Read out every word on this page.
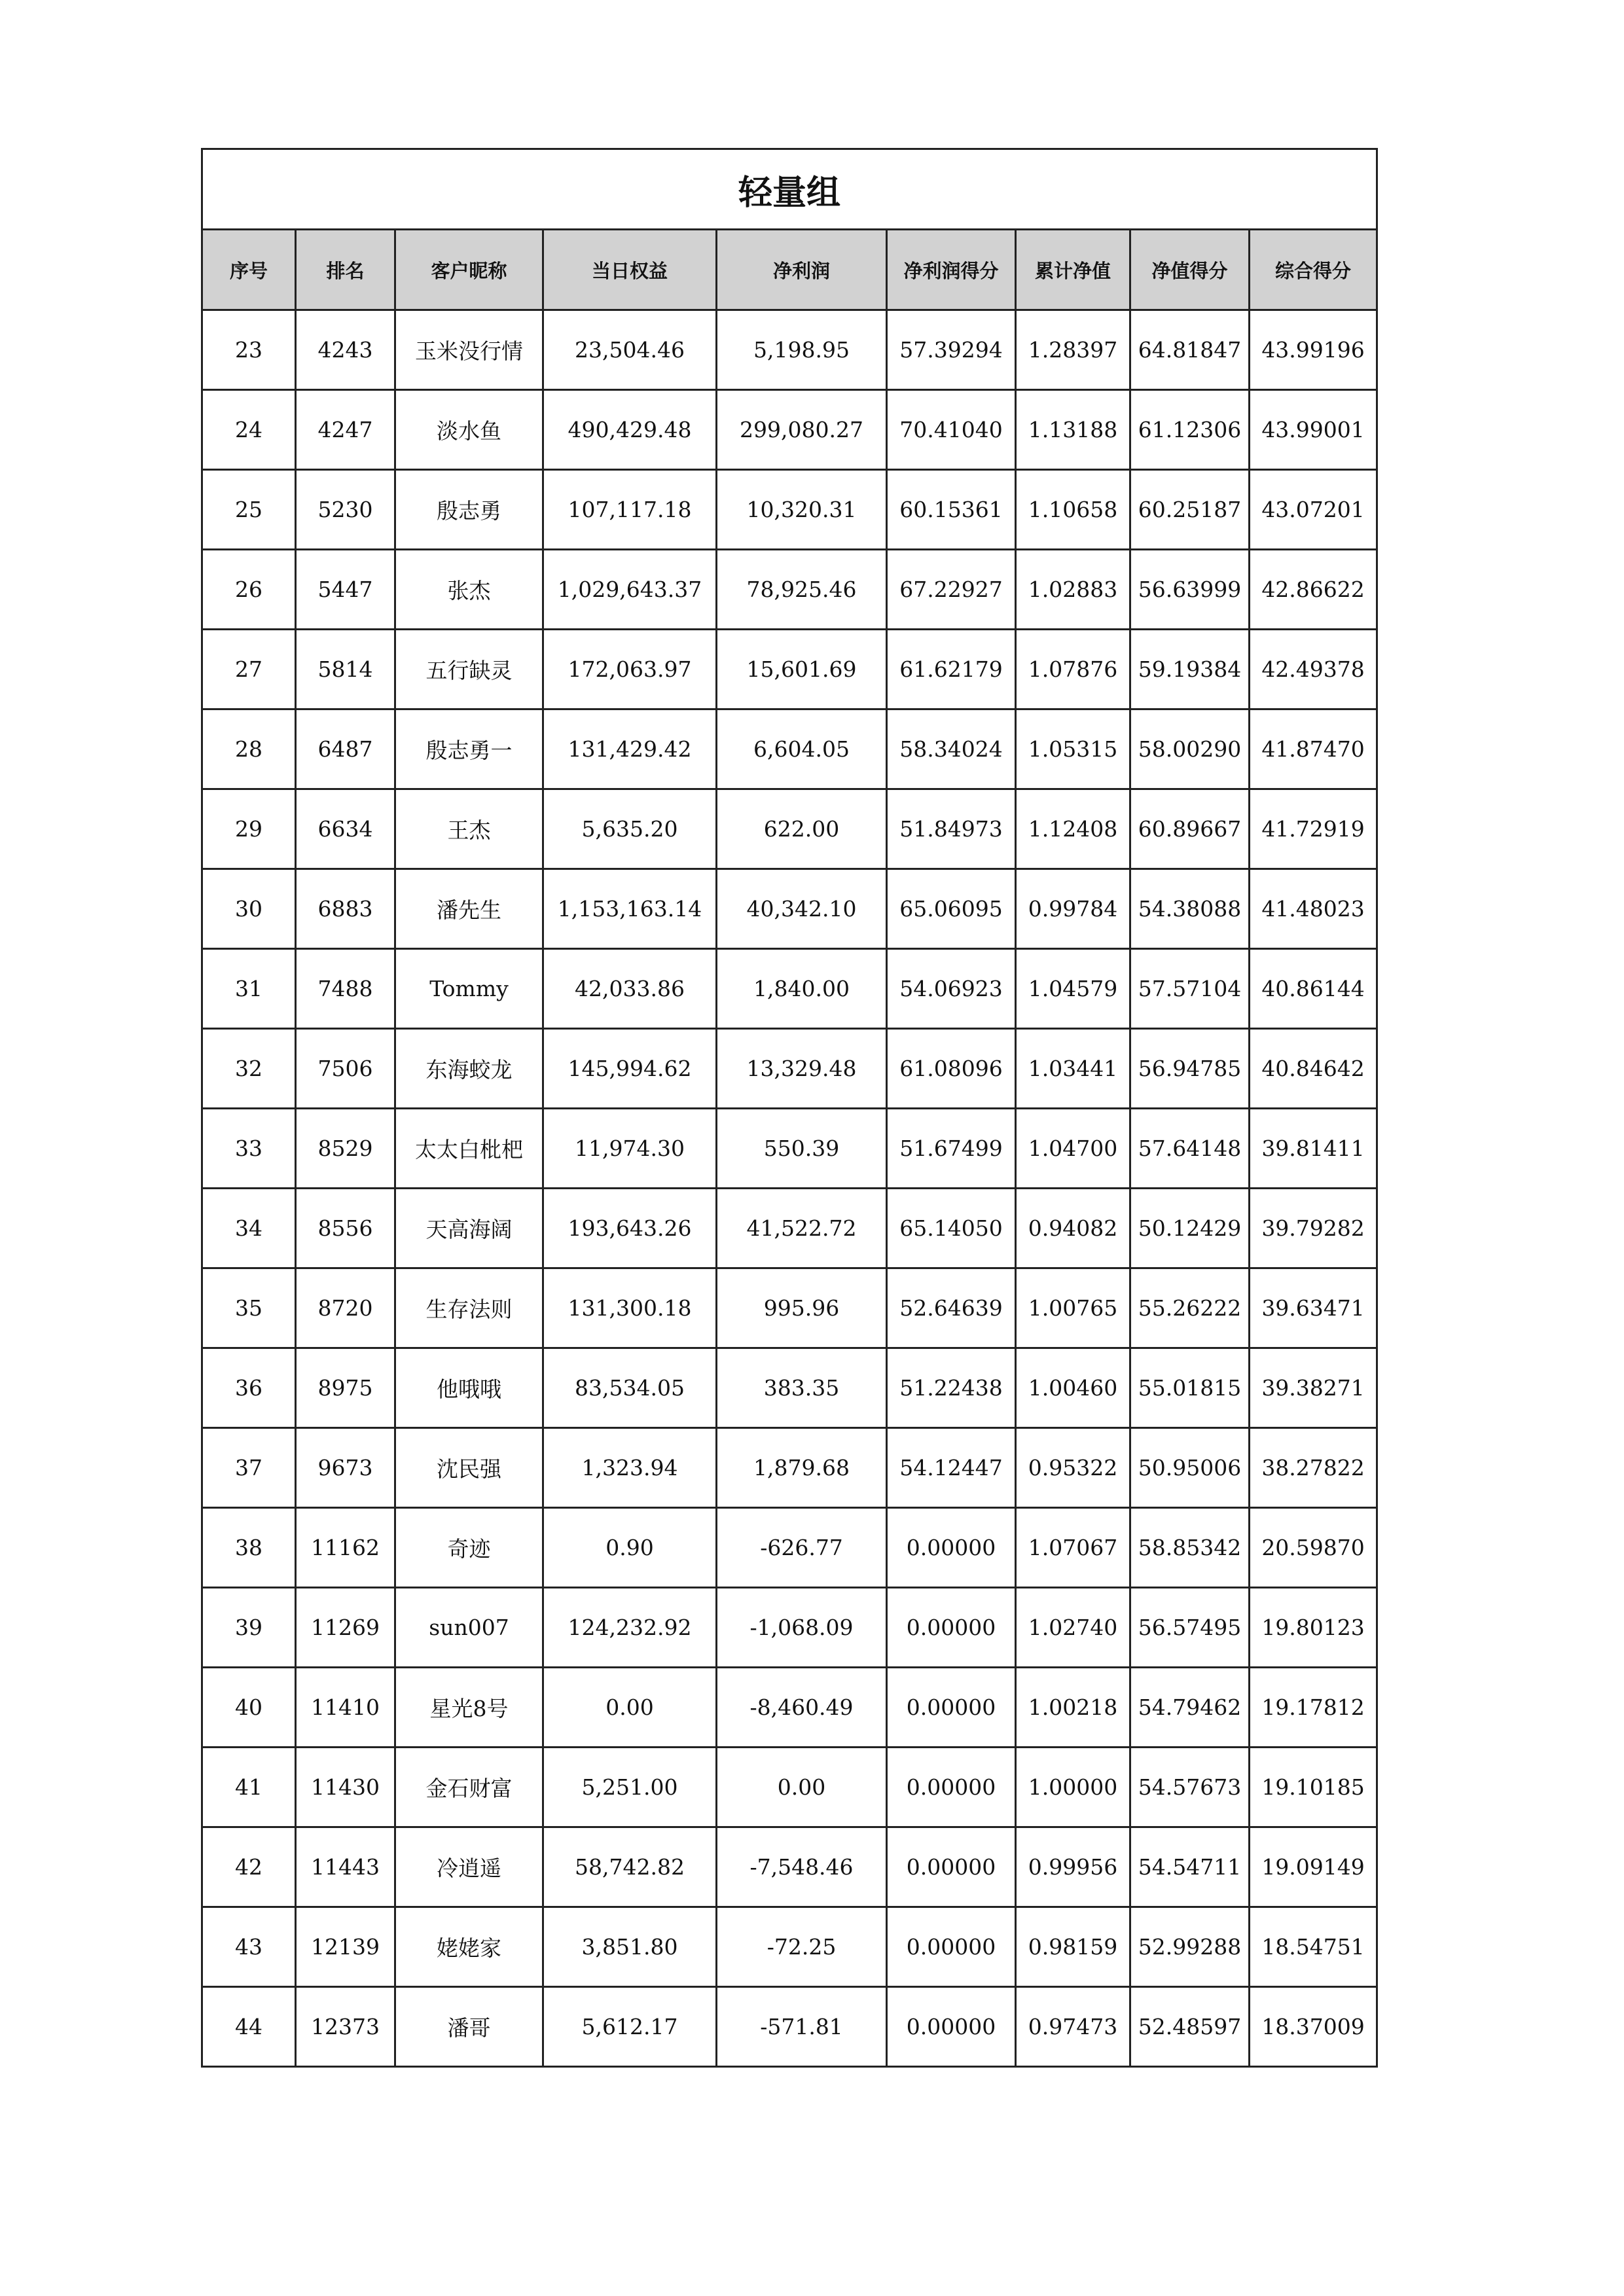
轻量组								
序号	排名	客户昵称	当日权益	净利润	净利润得分	累计净值	净值得分	综合得分
23	4243	玉米没行情	23,504.46	5,198.95	57.39294	1.28397	64.81847	43.99196
24	4247	淡水鱼	490,429.48	299,080.27	70.41040	1.13188	61.12306	43.99001
25	5230	殷志勇	107,117.18	10,320.31	60.15361	1.10658	60.25187	43.07201
26	5447	张杰	1,029,643.37	78,925.46	67.22927	1.02883	56.63999	42.86622
27	5814	五行缺灵	172,063.97	15,601.69	61.62179	1.07876	59.19384	42.49378
28	6487	殷志勇一	131,429.42	6,604.05	58.34024	1.05315	58.00290	41.87470
29	6634	王杰	5,635.20	622.00	51.84973	1.12408	60.89667	41.72919
30	6883	潘先生	1,153,163.14	40,342.10	65.06095	0.99784	54.38088	41.48023
31	7488	Tommy	42,033.86	1,840.00	54.06923	1.04579	57.57104	40.86144
32	7506	东海蛟龙	145,994.62	13,329.48	61.08096	1.03441	56.94785	40.84642
33	8529	太太白枇杷	11,974.30	550.39	51.67499	1.04700	57.64148	39.81411
34	8556	天高海阔	193,643.26	41,522.72	65.14050	0.94082	50.12429	39.79282
35	8720	生存法则	131,300.18	995.96	52.64639	1.00765	55.26222	39.63471
36	8975	他哦哦	83,534.05	383.35	51.22438	1.00460	55.01815	39.38271
37	9673	沈民强	1,323.94	1,879.68	54.12447	0.95322	50.95006	38.27822
38	11162	奇迹	0.90	-626.77	0.00000	1.07067	58.85342	20.59870
39	11269	sun007	124,232.92	-1,068.09	0.00000	1.02740	56.57495	19.80123
40	11410	星光8号	0.00	-8,460.49	0.00000	1.00218	54.79462	19.17812
41	11430	金石财富	5,251.00	0.00	0.00000	1.00000	54.57673	19.10185
42	11443	冷逍遥	58,742.82	-7,548.46	0.00000	0.99956	54.54711	19.09149
43	12139	姥姥家	3,851.80	-72.25	0.00000	0.98159	52.99288	18.54751
44	12373	潘哥	5,612.17	-571.81	0.00000	0.97473	52.48597	18.37009
